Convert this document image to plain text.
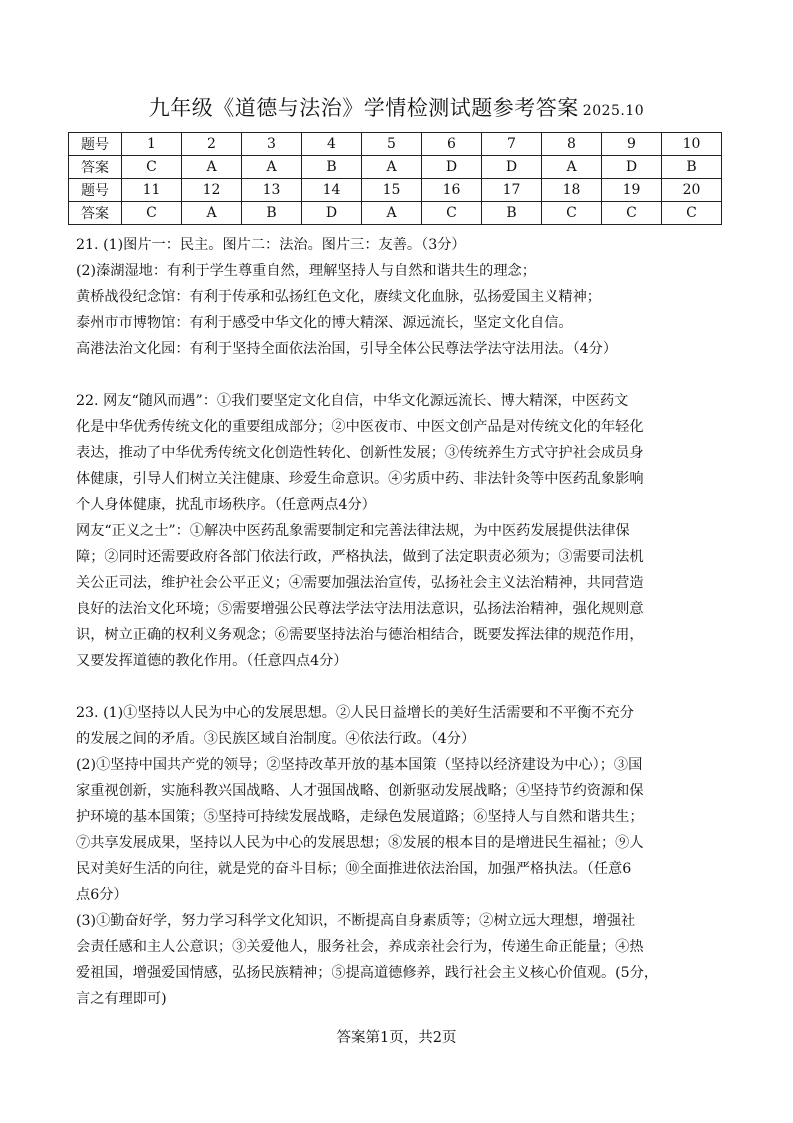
九年级《道德与法治》学情检测试题参考答案 2025.10
题号	1	2	3	4	5	6	7	8	9	10
答案	C	A	A	B	A	D	D	A	D	B
题号	11	12	13	14	15	16	17	18	19	20
答案	C	A	B	D	A	C	B	C	C	C
21. (1)图片一：民主。图片二：法治。图片三：友善。（3分）
(2)溱湖湿地：有利于学生尊重自然，理解坚持人与自然和谐共生的理念；
黄桥战役纪念馆：有利于传承和弘扬红色文化，赓续文化血脉，弘扬爱国主义精神；
泰州市市博物馆：有利于感受中华文化的博大精深、源远流长，坚定文化自信。
高港法治文化园：有利于坚持全面依法治国，引导全体公民尊法学法守法用法。（4分）
22. 网友“随风而遇”：①我们要坚定文化自信，中华文化源远流长、博大精深，中医药文
化是中华优秀传统文化的重要组成部分；②中医夜市、中医文创产品是对传统文化的年轻化
表达，推动了中华优秀传统文化创造性转化、创新性发展；③传统养生方式守护社会成员身
体健康，引导人们树立关注健康、珍爱生命意识。④劣质中药、非法针灸等中医药乱象影响
个人身体健康，扰乱市场秩序。（任意两点4分）
网友“正义之士”：①解决中医药乱象需要制定和完善法律法规，为中医药发展提供法律保
障；②同时还需要政府各部门依法行政，严格执法，做到了法定职责必须为；③需要司法机
关公正司法，维护社会公平正义；④需要加强法治宣传，弘扬社会主义法治精神，共同营造
良好的法治文化环境；⑤需要增强公民尊法学法守法用法意识，弘扬法治精神，强化规则意
识，树立正确的权利义务观念；⑥需要坚持法治与德治相结合，既要发挥法律的规范作用，
又要发挥道德的教化作用。（任意四点4分）
23. (1)①坚持以人民为中心的发展思想。②人民日益增长的美好生活需要和不平衡不充分
的发展之间的矛盾。③民族区域自治制度。④依法行政。（4分）
(2)①坚持中国共产党的领导；②坚持改革开放的基本国策（坚持以经济建设为中心）；③国
家重视创新，实施科教兴国战略、人才强国战略、创新驱动发展战略；④坚持节约资源和保
护环境的基本国策；⑤坚持可持续发展战略，走绿色发展道路；⑥坚持人与自然和谐共生；
⑦共享发展成果，坚持以人民为中心的发展思想；⑧发展的根本目的是增进民生福祉；⑨人
民对美好生活的向往，就是党的奋斗目标；⑩全面推进依法治国，加强严格执法。（任意6
点6分）
(3)①勤奋好学，努力学习科学文化知识，不断提高自身素质等；②树立远大理想，增强社
会责任感和主人公意识；③关爱他人，服务社会，养成亲社会行为，传递生命正能量；④热
爱祖国，增强爱国情感，弘扬民族精神；⑤提高道德修养，践行社会主义核心价值观。(5分，
言之有理即可)
答案第1页，共2页
